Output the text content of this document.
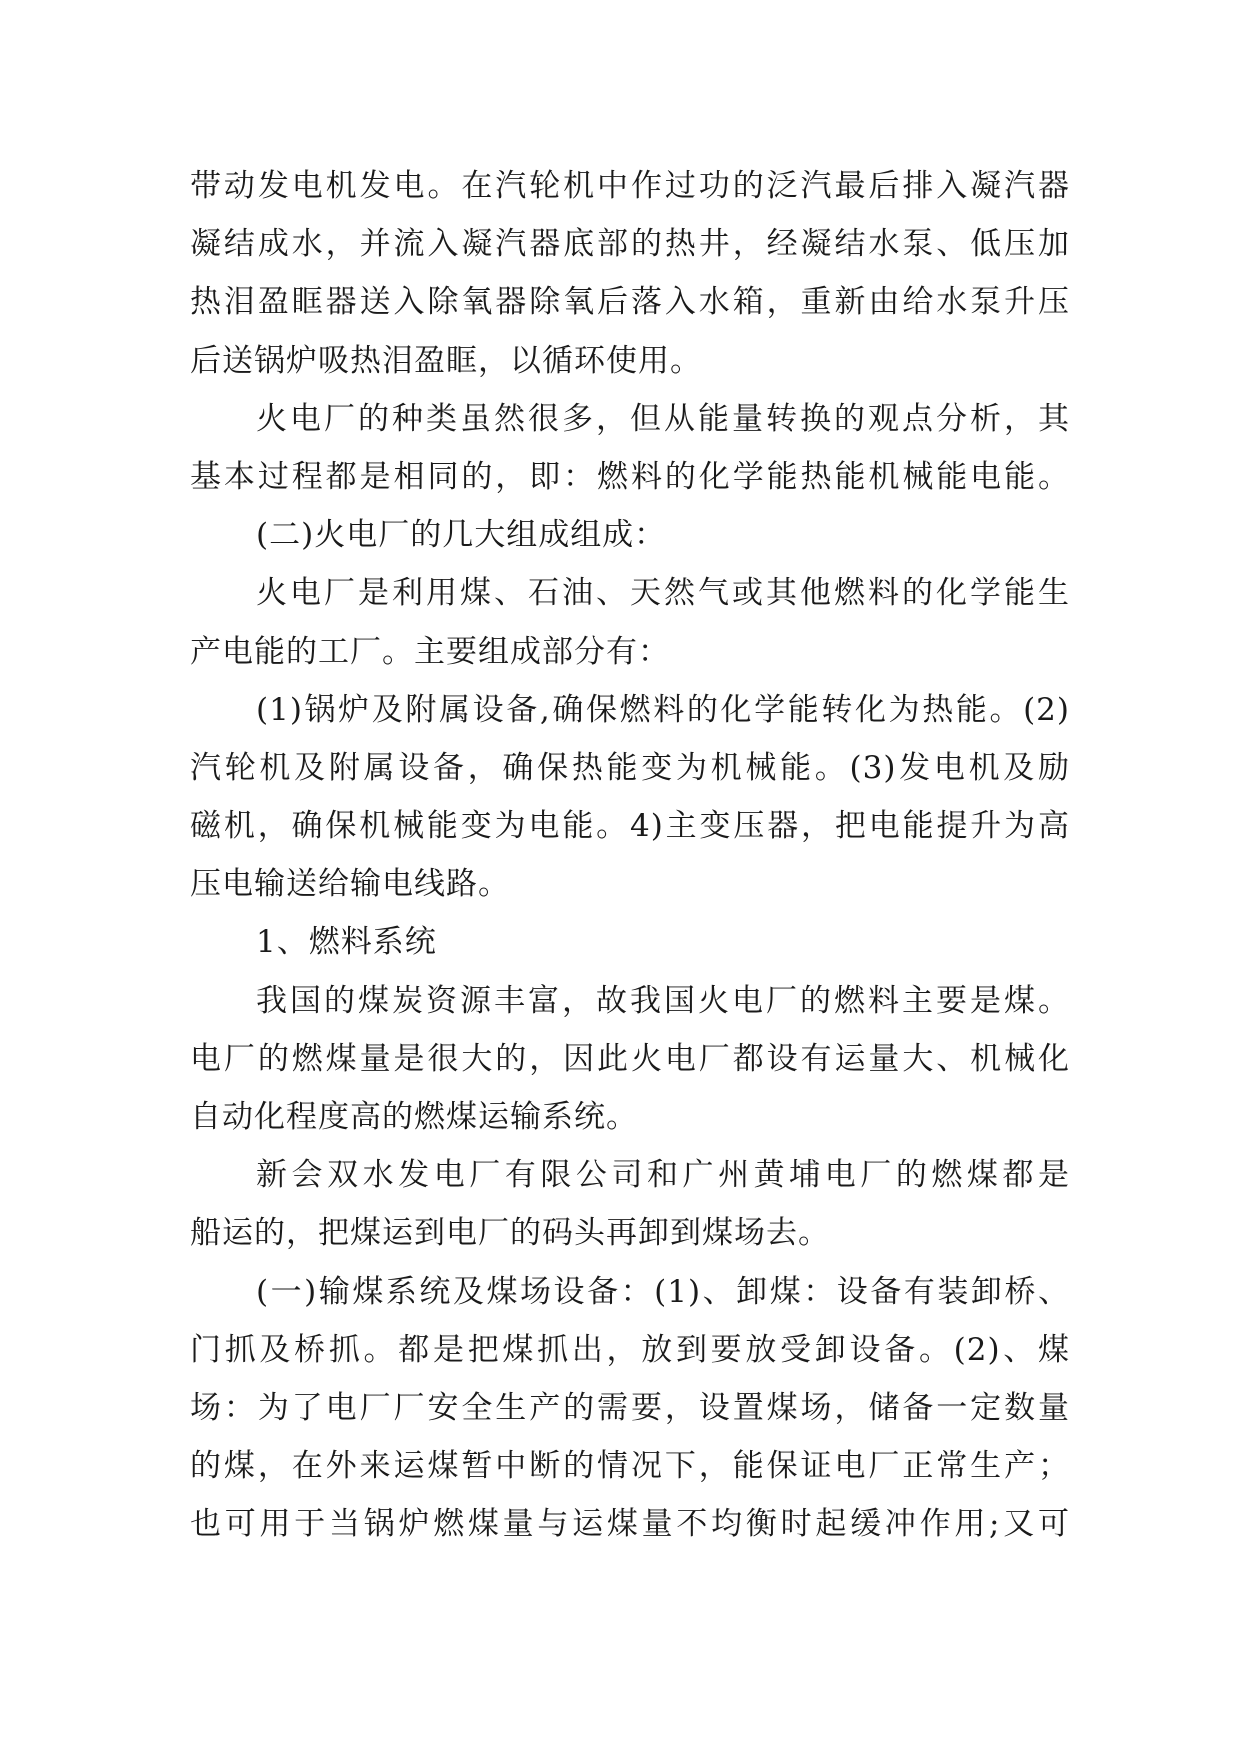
带动发电机发电。在汽轮机中作过功的泛汽最后排入凝汽器
凝结成水，并流入凝汽器底部的热井，经凝结水泵、低压加
热泪盈眶器送入除氧器除氧后落入水箱，重新由给水泵升压
后送锅炉吸热泪盈眶，以循环使用。
火电厂的种类虽然很多，但从能量转换的观点分析，其
基本过程都是相同的，即：燃料的化学能热能机械能电能。
(二)火电厂的几大组成组成：
火电厂是利用煤、石油、天然气或其他燃料的化学能生
产电能的工厂。主要组成部分有：
(1)锅炉及附属设备,确保燃料的化学能转化为热能。(2)
汽轮机及附属设备，确保热能变为机械能。(3)发电机及励
磁机，确保机械能变为电能。4)主变压器，把电能提升为高
压电输送给输电线路。
1、燃料系统
我国的煤炭资源丰富，故我国火电厂的燃料主要是煤。
电厂的燃煤量是很大的，因此火电厂都设有运量大、机械化
自动化程度高的燃煤运输系统。
新会双水发电厂有限公司和广州黄埔电厂的燃煤都是
船运的，把煤运到电厂的码头再卸到煤场去。
(一)输煤系统及煤场设备：(1)、卸煤：设备有装卸桥、
门抓及桥抓。都是把煤抓出，放到要放受卸设备。(2)、煤
场：为了电厂厂安全生产的需要，设置煤场，储备一定数量
的煤，在外来运煤暂中断的情况下，能保证电厂正常生产；
也可用于当锅炉燃煤量与运煤量不均衡时起缓冲作用;又可
